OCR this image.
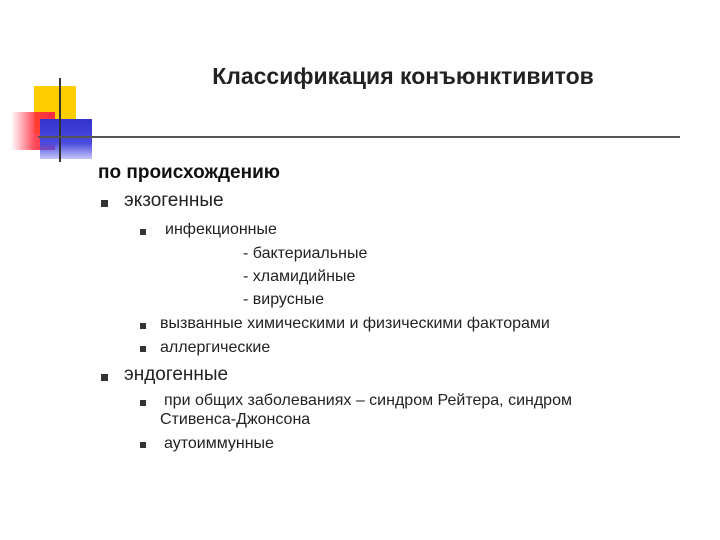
Классификация конъюнктивитов
по происхождению
экзогенные
инфекционные
- бактериальные
- хламидийные
- вирусные
вызванные химическими и физическими факторами
аллергические
эндогенные
при общих заболеваниях – синдром Рейтера, синдром
Стивенса-Джонсона
аутоиммунные
